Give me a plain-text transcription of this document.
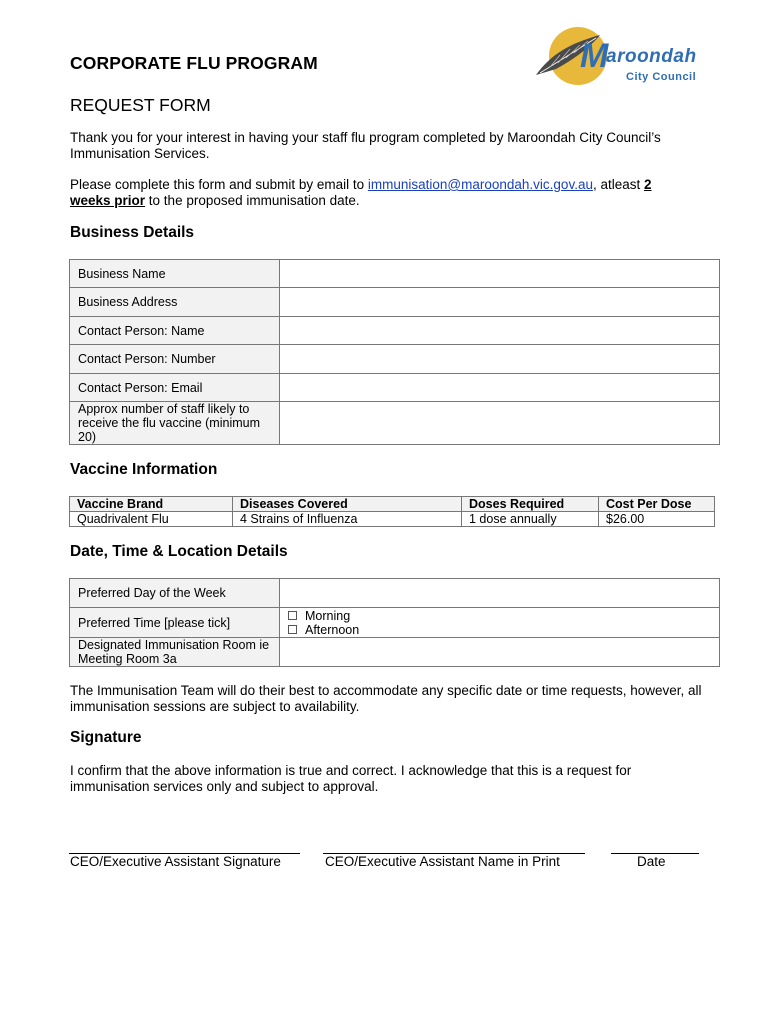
M
aroondah
City Council
CORPORATE FLU PROGRAM
REQUEST FORM
Thank you for your interest in having your staff flu program completed by Maroondah City Council’s Immunisation Services.
Please complete this form and submit by email to immunisation@maroondah.vic.gov.au, atleast 2
weeks prior to the proposed immunisation date.
Business Details
Business Name	
Business Address	
Contact Person: Name	
Contact Person: Number	
Contact Person: Email	
Approx number of staff likely to receive the flu vaccine (minimum 20)	
Vaccine Information
Vaccine Brand	Diseases Covered	Doses Required	Cost Per Dose
Quadrivalent Flu	4 Strains of Influenza	1 dose annually	$26.00
Date, Time & Location Details
Preferred Day of the Week	
Preferred Time [please tick]	Morning
Afternoon

Designated Immunisation Room ie Meeting Room 3a	
The Immunisation Team will do their best to accommodate any specific date or time requests, however, all immunisation sessions are subject to availability.
Signature
I confirm that the above information is true and correct. I acknowledge that this is a request for immunisation services only and subject to approval.
CEO/Executive Assistant Signature	CEO/Executive Assistant Name in Print	Date
